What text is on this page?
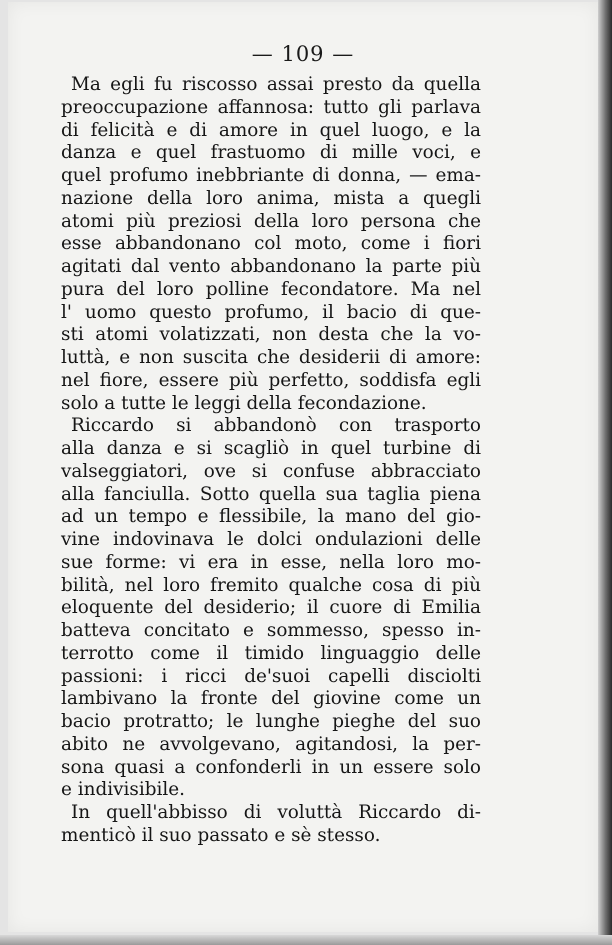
— 109 —
Ma egli fu riscosso assai presto da quella
preoccupazione affannosa: tutto gli parlava
di felicità e di amore in quel luogo, e la
danza e quel frastuomo di mille voci, e
quel profumo inebbriante di donna, — ema-
nazione della loro anima, mista a quegli
atomi più preziosi della loro persona che
esse abbandonano col moto, come i fiori
agitati dal vento abbandonano la parte più
pura del loro polline fecondatore. Ma nel
l' uomo questo profumo, il bacio di que-
sti atomi volatizzati, non desta che la vo-
luttà, e non suscita che desiderii di amore:
nel fiore, essere più perfetto, soddisfa egli
solo a tutte le leggi della fecondazione.
Riccardo si abbandonò con trasporto
alla danza e si scagliò in quel turbine di
valseggiatori, ove si confuse abbracciato
alla fanciulla. Sotto quella sua taglia piena
ad un tempo e flessibile, la mano del gio-
vine indovinava le dolci ondulazioni delle
sue forme: vi era in esse, nella loro mo-
bilità, nel loro fremito qualche cosa di più
eloquente del desiderio; il cuore di Emilia
batteva concitato e sommesso, spesso in-
terrotto come il timido linguaggio delle
passioni: i ricci de'suoi capelli disciolti
lambivano la fronte del giovine come un
bacio protratto; le lunghe pieghe del suo
abito ne avvolgevano, agitandosi, la per-
sona quasi a confonderli in un essere solo
e indivisibile.
In quell'abbisso di voluttà Riccardo di-
menticò il suo passato e sè stesso.
